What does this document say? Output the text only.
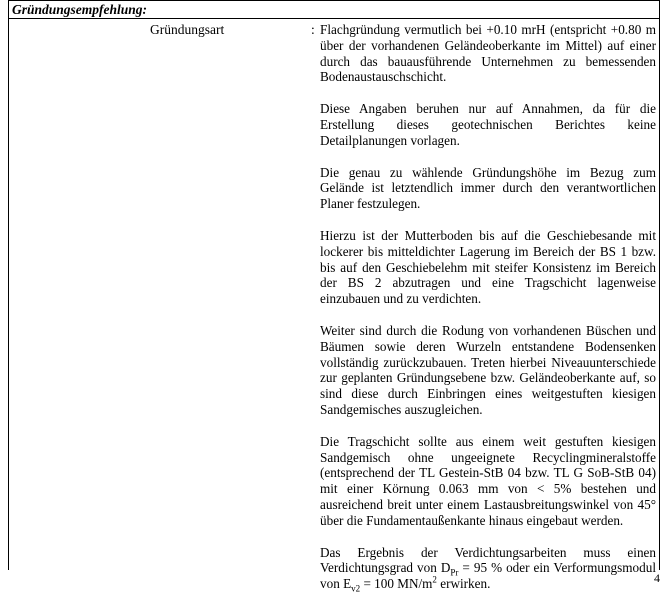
Gründungsempfehlung:
Gründungsart	: Flachgründung vermutlich bei +0.10 mrH (entspricht +0.80 m über der vorhandenen Geländeoberkante im Mittel) auf einer durch das bauausführende Unternehmen zu bemessenden Bodenaustauschschicht.

Diese Angaben beruhen nur auf Annahmen, da für die Erstellung dieses geotechnischen Berichtes keine Detailplanungen vorlagen.

Die genau zu wählende Gründungshöhe im Bezug zum Gelände ist letztendlich immer durch den verantwortlichen Planer festzulegen.

Hierzu ist der Mutterboden bis auf die Geschiebesande mit lockerer bis mitteldichter Lagerung im Bereich der BS 1 bzw. bis auf den Geschiebelehm mit steifer Konsistenz im Bereich der BS 2 abzutragen und eine Tragschicht lagenweise einzubauen und zu verdichten.

Weiter sind durch die Rodung von vorhandenen Büschen und Bäumen sowie deren Wurzeln entstandene Bodensenken vollständig zurückzubauen. Treten hierbei Niveauunterschiede zur geplanten Gründungsebene bzw. Geländeoberkante auf, so sind diese durch Einbringen eines weitgestuften kiesigen Sandgemisches auszugleichen.

Die Tragschicht sollte aus einem weit gestuften kiesigen Sandgemisch ohne ungeeignete Recyclingmineralstoffe (entsprechend der TL Gestein-StB 04 bzw. TL G SoB-StB 04) mit einer Körnung 0.063 mm von < 5% bestehen und ausreichend breit unter einem Lastausbreitungswinkel von 45° über die Fundamentaußenkante hinaus eingebaut werden.

Das Ergebnis der Verdichtungsarbeiten muss einen Verdichtungsgrad von $D_{Pr} = 95$ % oder ein Verformungsmodul von $E_{v2} = 100$ $MN/m^2$ erwirken.	4
